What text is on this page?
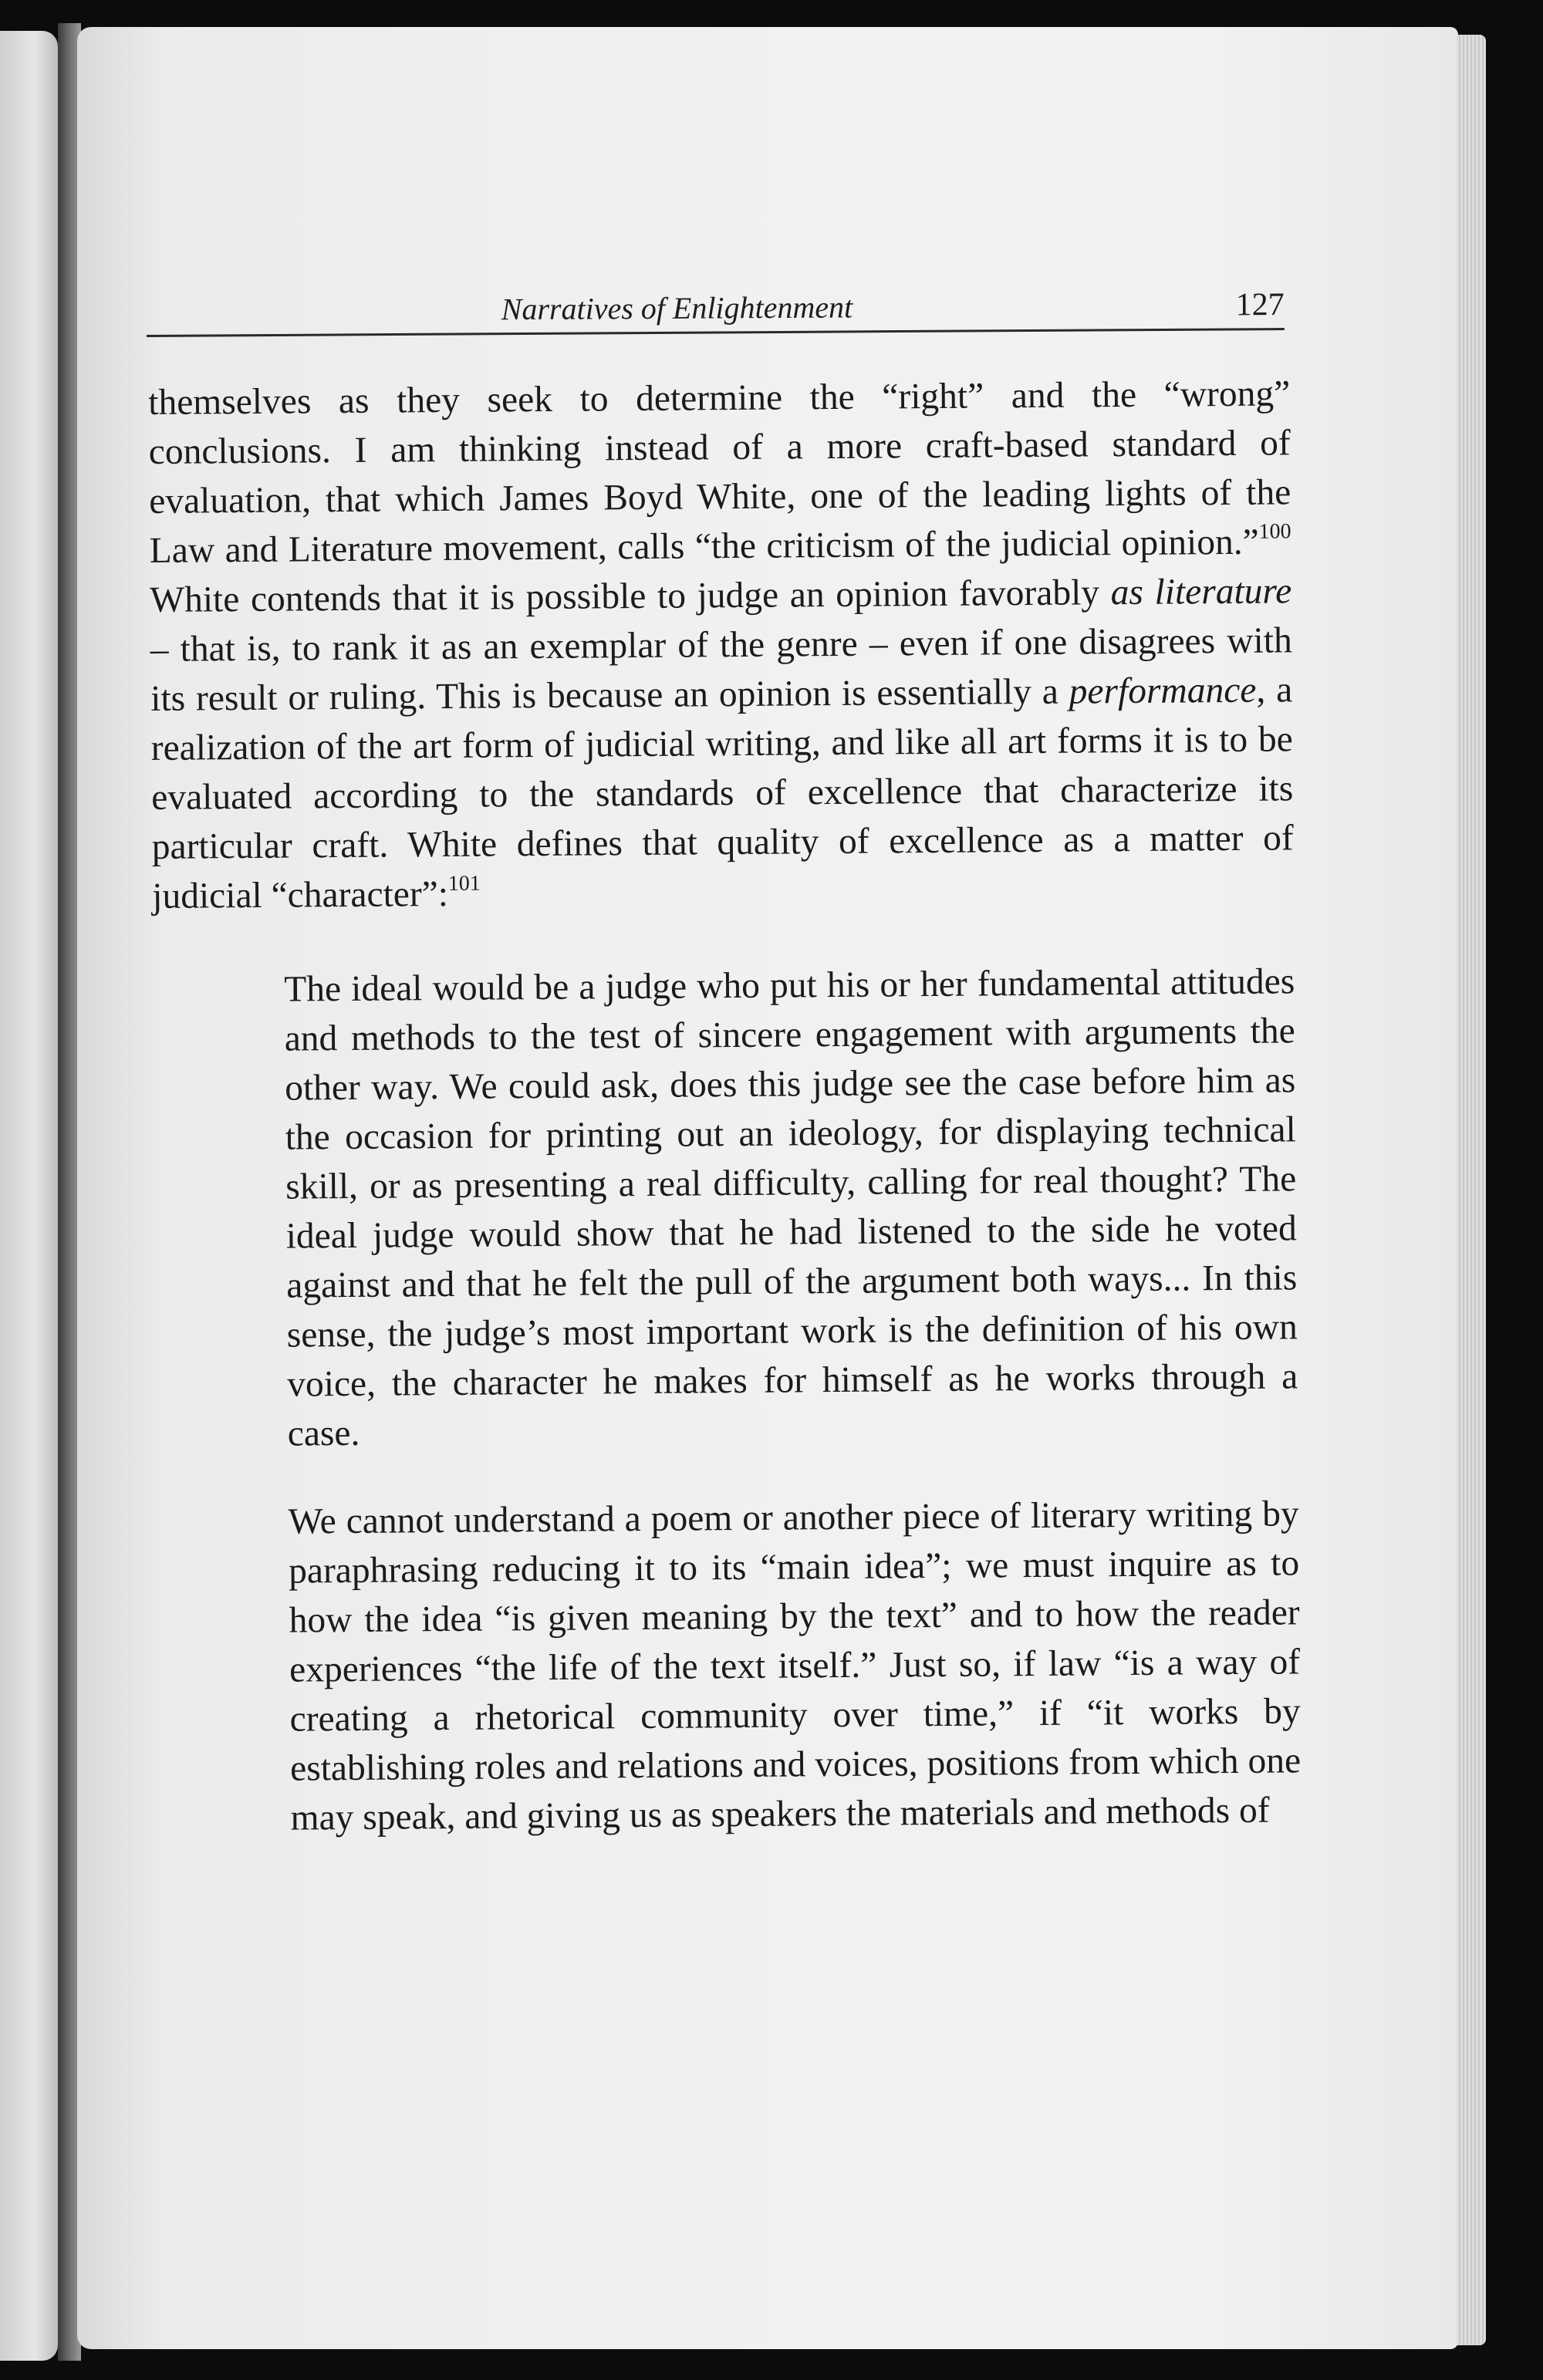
Narratives of Enlightenment	127

themselves as they seek to determine the “right” and the “wrong” conclusions. I am thinking instead of a more craft-based standard of evaluation, that which James Boyd White, one of the leading lights of the Law and Literature movement, calls “the criticism of the judicial opinion.”$^{100}$ White contends that it is possible to judge an opinion favorably as literature – that is, to rank it as an exemplar of the genre – even if one disagrees with its result or ruling. This is because an opinion is essentially a performance, a realization of the art form of judicial writing, and like all art forms it is to be evaluated according to the standards of excellence that characterize its particular craft. White defines that quality of excellence as a matter of judicial “character”:$^{101}$

The ideal would be a judge who put his or her fundamental attitudes and methods to the test of sincere engagement with arguments the other way. We could ask, does this judge see the case before him as the occasion for printing out an ideology, for displaying technical skill, or as presenting a real difficulty, calling for real thought? The ideal judge would show that he had listened to the side he voted against and that he felt the pull of the argument both ways... In this sense, the judge’s most important work is the definition of his own voice, the character he makes for himself as he works through a case.

We cannot understand a poem or another piece of literary writing by paraphrasing reducing it to its “main idea”; we must inquire as to how the idea “is given meaning by the text” and to how the reader experiences “the life of the text itself.” Just so, if law “is a way of creating a rhetorical community over time,” if “it works by establishing roles and relations and voices, positions from which one may speak, and giving us as speakers the materials and methods of
